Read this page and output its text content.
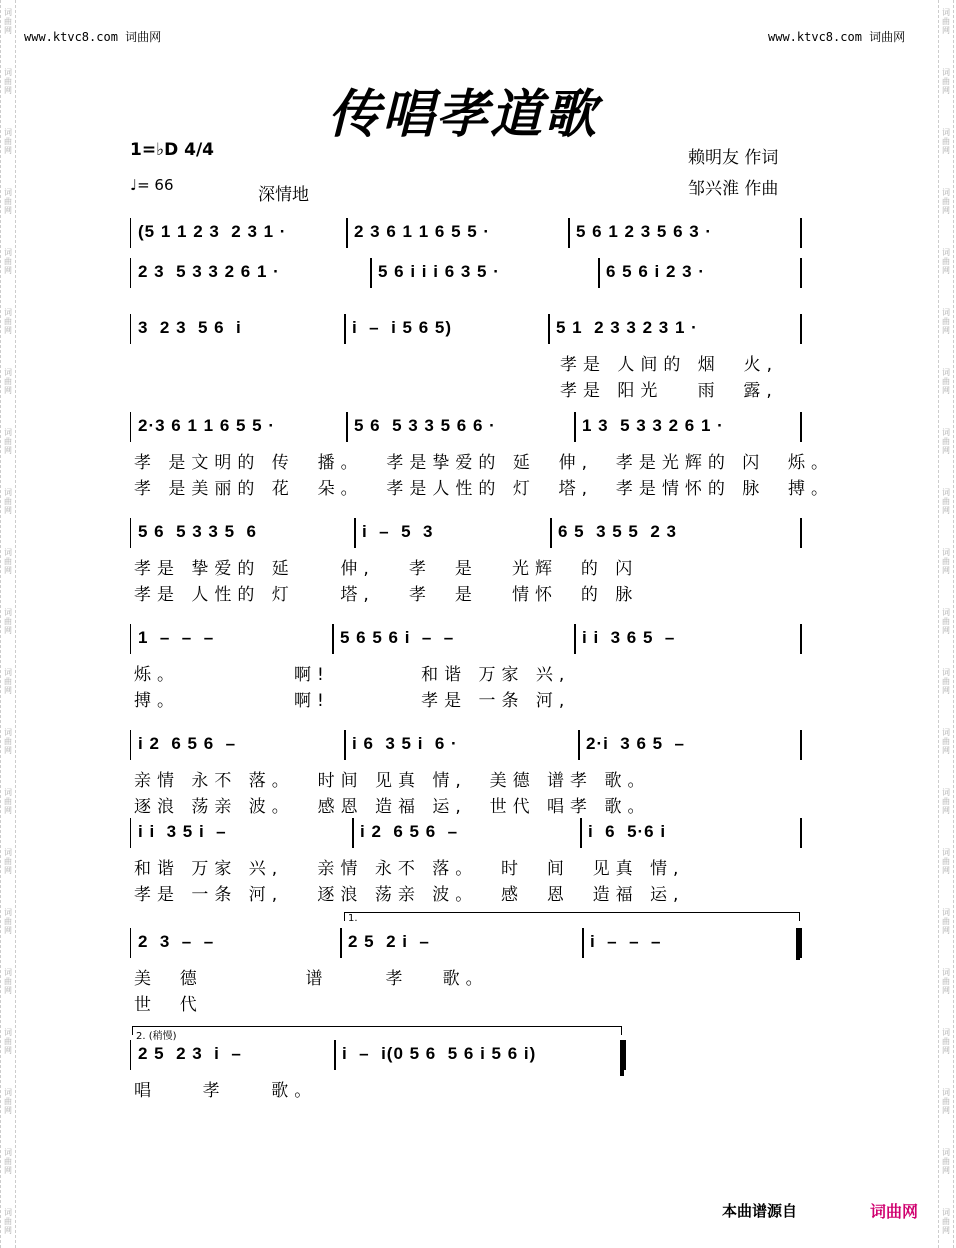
词曲网
词曲网
词曲网
词曲网
词曲网
词曲网
词曲网
词曲网
词曲网
词曲网
词曲网
词曲网
词曲网
词曲网
词曲网
词曲网
词曲网
词曲网
词曲网
词曲网
词曲网
词曲网
词曲网
词曲网
词曲网
词曲网
词曲网
词曲网
词曲网
词曲网
词曲网
词曲网
词曲网
词曲网
词曲网
词曲网
词曲网
词曲网
词曲网
词曲网
词曲网
词曲网
www.ktvc8.com 词曲网	www.ktvc8.com 词曲网
传唱孝道歌
1=♭D 4/4
♩= 66	深情地
赖明友 作词
邹兴淮 作曲
(5 1 1 2 3  2 3 1 ·	2 3 6 1 1 6 5 5 ·	5 6 1 2 3 5 6 3 ·
2 3  5 3 3 2 6 1 ·	5 6 i i i 6 3 5 ·	6 5 6 i 2 3 ·
3  2 3  5 6  i	i  –  i 5 6 5)	5 1  2 3 3 2 3 1 ·
孝是 人间的 烟  火,
孝是 阳光   雨  露,
2·3 6 1 1 6 5 5 ·	5 6  5 3 3 5 6 6 ·	1 3  5 3 3 2 6 1 ·
孝 是文明的 传  播。  孝是挚爱的 延  伸,  孝是光辉的 闪  烁。
孝 是美丽的 花  朵。  孝是人性的 灯  塔,  孝是情怀的 脉  搏。
5 6  5 3 3 5  6	i  –  5  3	6 5  3 5 5  2 3
孝是 挚爱的 延    伸,   孝  是   光辉  的 闪
孝是 人性的 灯    塔,   孝  是   情怀  的 脉
1  –  –  –	5 6 5 6 i  –  –	i i  3 6 5  –
烁。          啊!        和谐 万家 兴,
搏。          啊!        孝是 一条 河,
i 2  6 5 6  –	i 6  3 5 i  6 ·	2·i  3 6 5  –
亲情 永不 落。  时间 见真 情,  美德 谱孝 歌。
逐浪 荡亲 波。  感恩 造福 运,  世代 唱孝 歌。
i i  3 5 i  –	i 2  6 5 6  –	i  6  5·6 i
和谐 万家 兴,   亲情 永不 落。  时  间  见真 情,
孝是 一条 河,   逐浪 荡亲 波。  感  恩  造福 运,
2  3  –  –	2 5  2 i  –	i  –  –  –
美  德         谱     孝   歌。
世  代
2 5  2 3  i  –	i  –  i(0 5 6  5 6 i 5 6 i)
唱    孝    歌。
1.
2. (稍慢)
本曲谱源自	词曲网
